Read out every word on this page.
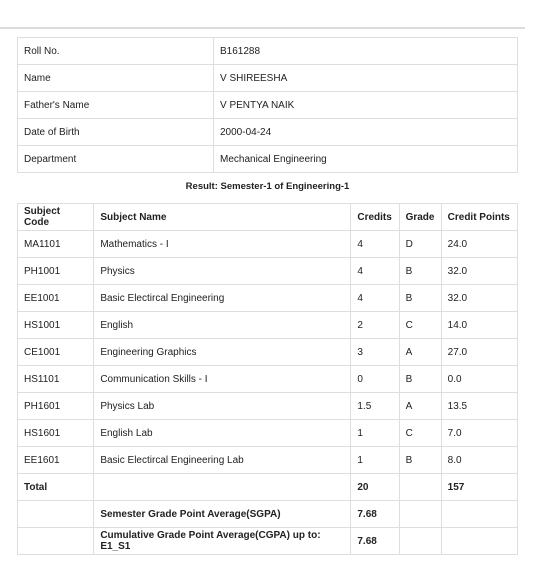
Roll No.	B161288
Name	V SHIREESHA
Father's Name	V PENTYA NAIK
Date of Birth	2000-04-24
Department	Mechanical Engineering
Result: Semester-1 of Engineering-1
Subject Code	Subject Name	Credits	Grade	Credit Points
MA1101	Mathematics - I	4	D	24.0
PH1001	Physics	4	B	32.0
EE1001	Basic Electircal Engineering	4	B	32.0
HS1001	English	2	C	14.0
CE1001	Engineering Graphics	3	A	27.0
HS1101	Communication Skills - I	0	B	0.0
PH1601	Physics Lab	1.5	A	13.5
HS1601	English Lab	1	C	7.0
EE1601	Basic Electircal Engineering Lab	1	B	8.0
Total		20		157
	Semester Grade Point Average(SGPA)	7.68		
	Cumulative Grade Point Average(CGPA) up to: E1_S1	7.68		
